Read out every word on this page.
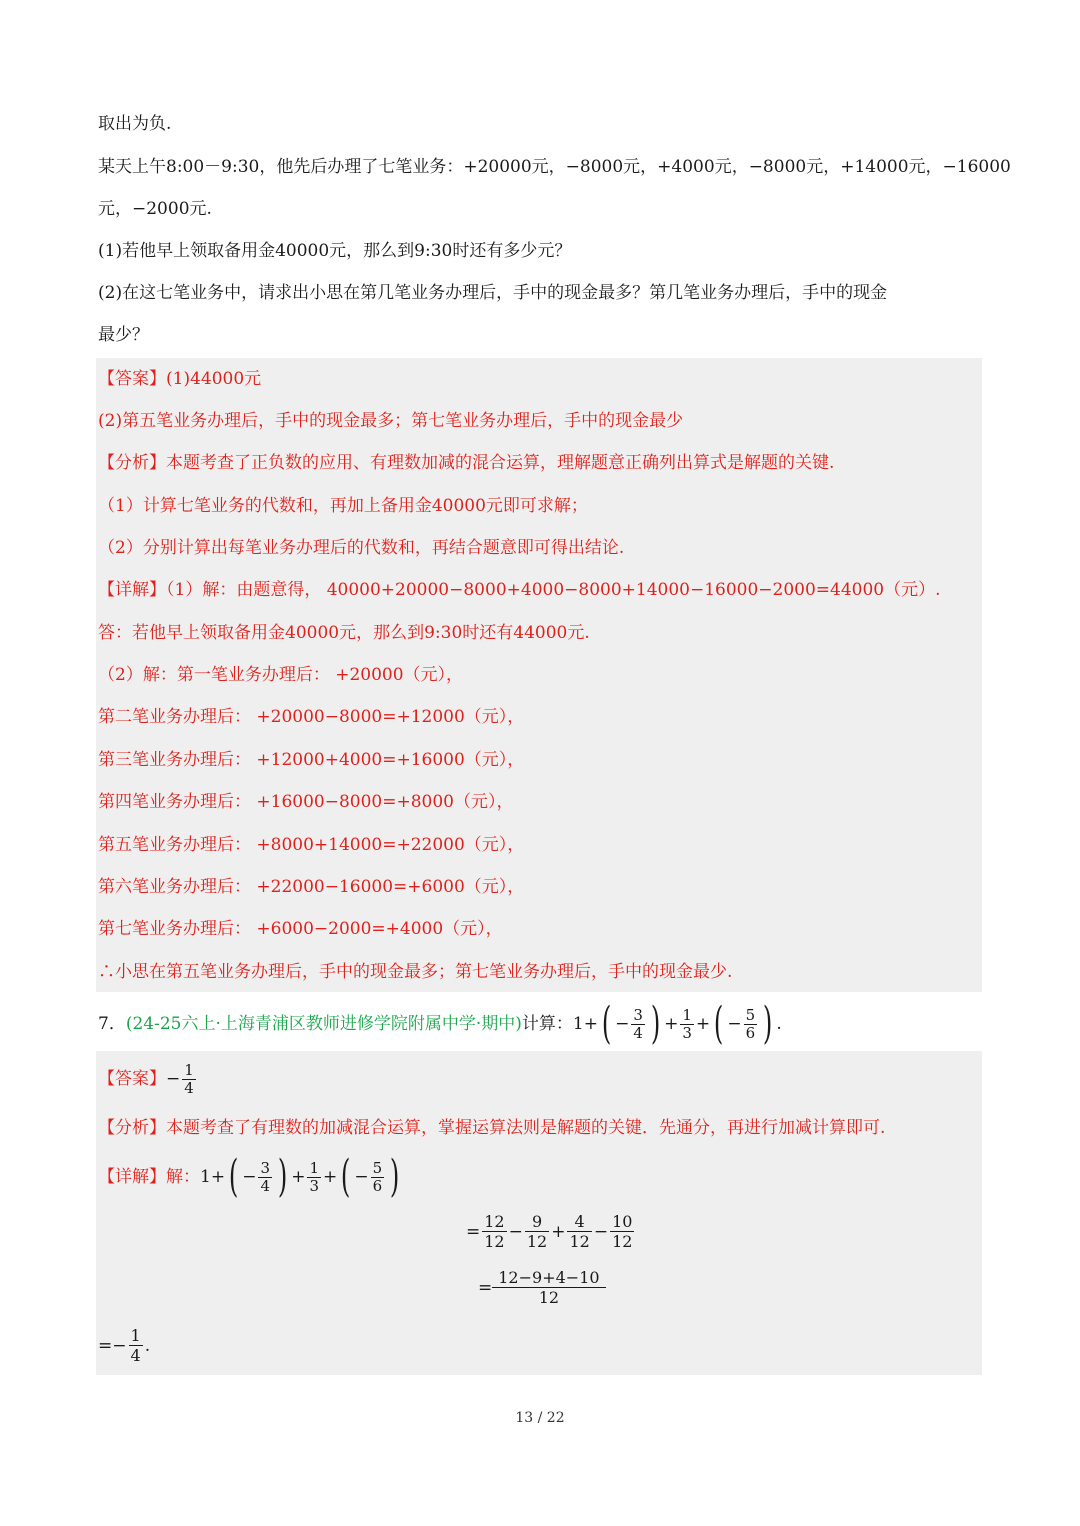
取出为负.
某天上午8:00－9:30，他先后办理了七笔业务：+20000元，−8000元，+4000元，−8000元，+14000元，−16000
元，−2000元.
(1)若他早上领取备用金40000元，那么到9:30时还有多少元？
(2)在这七笔业务中，请求出小思在第几笔业务办理后，手中的现金最多？第几笔业务办理后，手中的现金
最少？
【答案】(1)44000元
(2)第五笔业务办理后，手中的现金最多；第七笔业务办理后，手中的现金最少
【分析】本题考查了正负数的应用、有理数加减的混合运算，理解题意正确列出算式是解题的关键.
（1）计算七笔业务的代数和，再加上备用金40000元即可求解；
（2）分别计算出每笔业务办理后的代数和，再结合题意即可得出结论.
【详解】（1）解：由题意得， 40000+20000−8000+4000−8000+14000−16000−2000=44000（元）.
答：若他早上领取备用金40000元，那么到9:30时还有44000元.
（2）解：第一笔业务办理后： +20000（元），
第二笔业务办理后： +20000−8000=+12000（元），
第三笔业务办理后： +12000+4000=+16000（元），
第四笔业务办理后： +16000−8000=+8000（元），
第五笔业务办理后： +8000+14000=+22000（元），
第六笔业务办理后： +22000−16000=+6000（元），
第七笔业务办理后： +6000−2000=+4000（元），
∴小思在第五笔业务办理后，手中的现金最多；第七笔业务办理后，手中的现金最少.
7． (24-25六上·上海青浦区教师进修学院附属中学·期中) 计算： 1+ ( − $\frac{3}{4}$ ) + $\frac{1}{3}$ + ( − $\frac{5}{6}$ ) .
【答案】 − $\frac{1}{4}$
【分析】本题考查了有理数的加减混合运算，掌握运算法则是解题的关键．先通分，再进行加减计算即可.
【详解】解： 1+ ( − $\frac{3}{4}$ ) + $\frac{1}{3}$ + ( − $\frac{5}{6}$ )
= $\frac{12}{12} - \frac{9}{12} + \frac{4}{12} - \frac{10}{12}$
= $\frac{12-9+4-10}{12}$
=− $\frac{1}{4}$ .
13 / 22
